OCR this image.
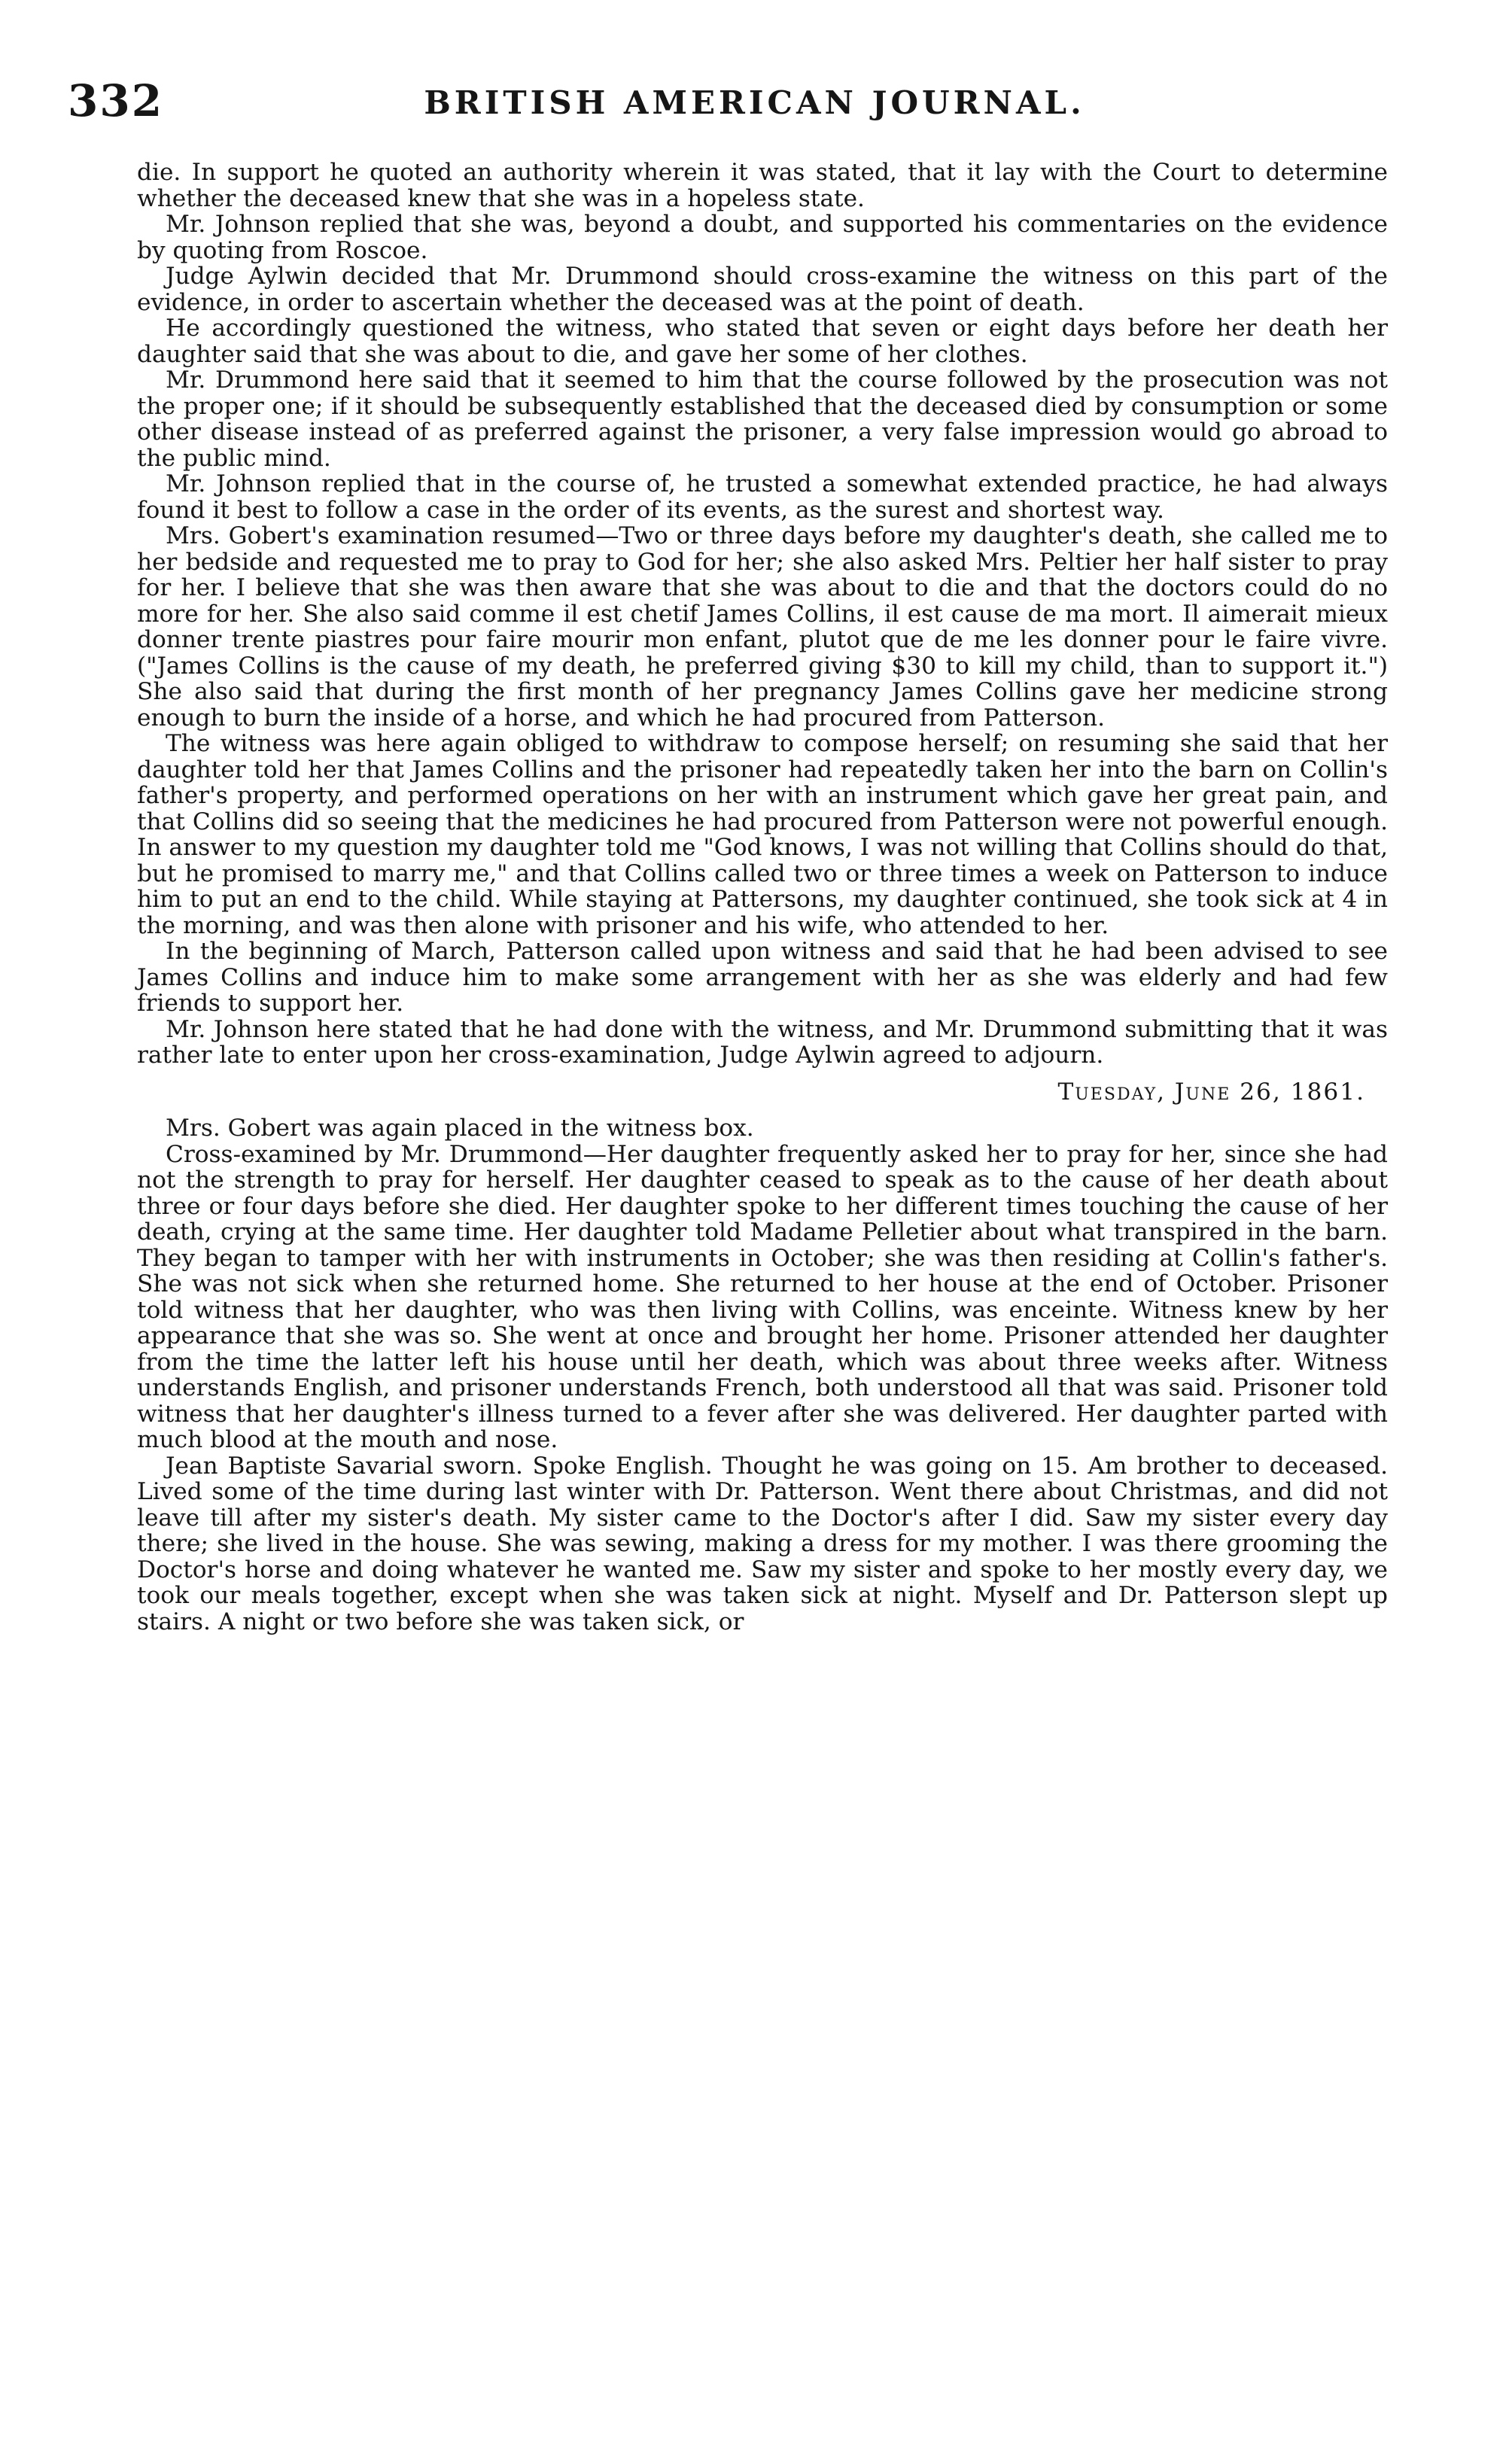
332	BRITISH AMERICAN JOURNAL.

die. In support he quoted an authority wherein it was stated, that it lay with the Court to determine whether the deceased knew that she was in a hopeless state.

Mr. Johnson replied that she was, beyond a doubt, and supported his commentaries on the evidence by quoting from Roscoe.

Judge Aylwin decided that Mr. Drummond should cross-examine the witness on this part of the evidence, in order to ascertain whether the deceased was at the point of death.

He accordingly questioned the witness, who stated that seven or eight days before her death her daughter said that she was about to die, and gave her some of her clothes.

Mr. Drummond here said that it seemed to him that the course followed by the prosecution was not the proper one; if it should be subsequently established that the deceased died by consumption or some other disease instead of as preferred against the prisoner, a very false impression would go abroad to the public mind.

Mr. Johnson replied that in the course of, he trusted a somewhat extended practice, he had always found it best to follow a case in the order of its events, as the surest and shortest way.

Mrs. Gobert's examination resumed—Two or three days before my daughter's death, she called me to her bedside and requested me to pray to God for her; she also asked Mrs. Peltier her half sister to pray for her. I believe that she was then aware that she was about to die and that the doctors could do no more for her. She also said comme il est chetif James Collins, il est cause de ma mort. Il aimerait mieux donner trente piastres pour faire mourir mon enfant, plutot que de me les donner pour le faire vivre. ("James Collins is the cause of my death, he preferred giving $30 to kill my child, than to support it.") She also said that during the first month of her pregnancy James Collins gave her medicine strong enough to burn the inside of a horse, and which he had procured from Patterson.

The witness was here again obliged to withdraw to compose herself; on resuming she said that her daughter told her that James Collins and the prisoner had repeatedly taken her into the barn on Collin's father's property, and performed operations on her with an instrument which gave her great pain, and that Collins did so seeing that the medicines he had procured from Patterson were not powerful enough. In answer to my question my daughter told me "God knows, I was not willing that Collins should do that, but he promised to marry me," and that Collins called two or three times a week on Patterson to induce him to put an end to the child. While staying at Pattersons, my daughter continued, she took sick at 4 in the morning, and was then alone with prisoner and his wife, who attended to her.

In the beginning of March, Patterson called upon witness and said that he had been advised to see James Collins and induce him to make some arrangement with her as she was elderly and had few friends to support her.

Mr. Johnson here stated that he had done with the witness, and Mr. Drummond submitting that it was rather late to enter upon her cross-examination, Judge Aylwin agreed to adjourn.

Tuesday, June 26, 1861.

Mrs. Gobert was again placed in the witness box.

Cross-examined by Mr. Drummond—Her daughter frequently asked her to pray for her, since she had not the strength to pray for herself. Her daughter ceased to speak as to the cause of her death about three or four days before she died. Her daughter spoke to her different times touching the cause of her death, crying at the same time. Her daughter told Madame Pelletier about what transpired in the barn. They began to tamper with her with instruments in October; she was then residing at Collin's father's. She was not sick when she returned home. She returned to her house at the end of October. Prisoner told witness that her daughter, who was then living with Collins, was enceinte. Witness knew by her appearance that she was so. She went at once and brought her home. Prisoner attended her daughter from the time the latter left his house until her death, which was about three weeks after. Witness understands English, and prisoner understands French, both understood all that was said. Prisoner told witness that her daughter's illness turned to a fever after she was delivered. Her daughter parted with much blood at the mouth and nose.

Jean Baptiste Savarial sworn. Spoke English. Thought he was going on 15. Am brother to deceased. Lived some of the time during last winter with Dr. Patterson. Went there about Christmas, and did not leave till after my sister's death. My sister came to the Doctor's after I did. Saw my sister every day there; she lived in the house. She was sewing, making a dress for my mother. I was there grooming the Doctor's horse and doing whatever he wanted me. Saw my sister and spoke to her mostly every day, we took our meals together, except when she was taken sick at night. Myself and Dr. Patterson slept up stairs. A night or two before she was taken sick, or
